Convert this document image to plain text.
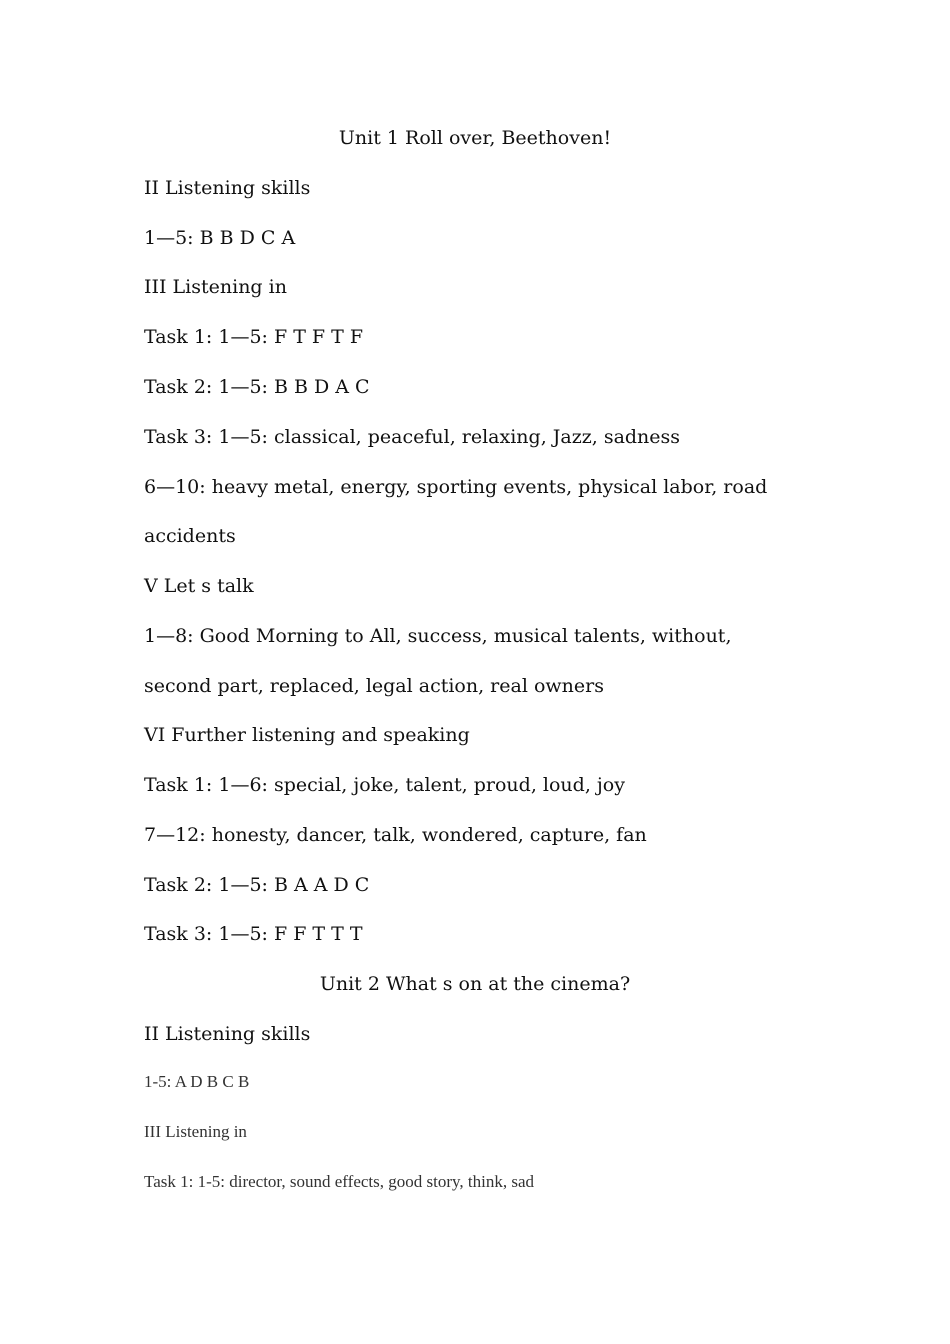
Unit 1 Roll over, Beethoven!
II Listening skills
1—5: B B D C A
III Listening in
Task 1: 1—5: F T F T F
Task 2: 1—5: B B D A C
Task 3: 1—5: classical, peaceful, relaxing, Jazz, sadness
6—10: heavy metal, energy, sporting events, physical labor, road
accidents
V Let s talk
1—8: Good Morning to All, success, musical talents, without,
second part, replaced, legal action, real owners
VI Further listening and speaking
Task 1: 1—6: special, joke, talent, proud, loud, joy
7—12: honesty, dancer, talk, wondered, capture, fan
Task 2: 1—5: B A A D C
Task 3: 1—5: F F T T T
Unit 2 What s on at the cinema?
II Listening skills
1-5: A D B C B
III Listening in
Task 1: 1-5: director, sound effects, good story, think, sad
